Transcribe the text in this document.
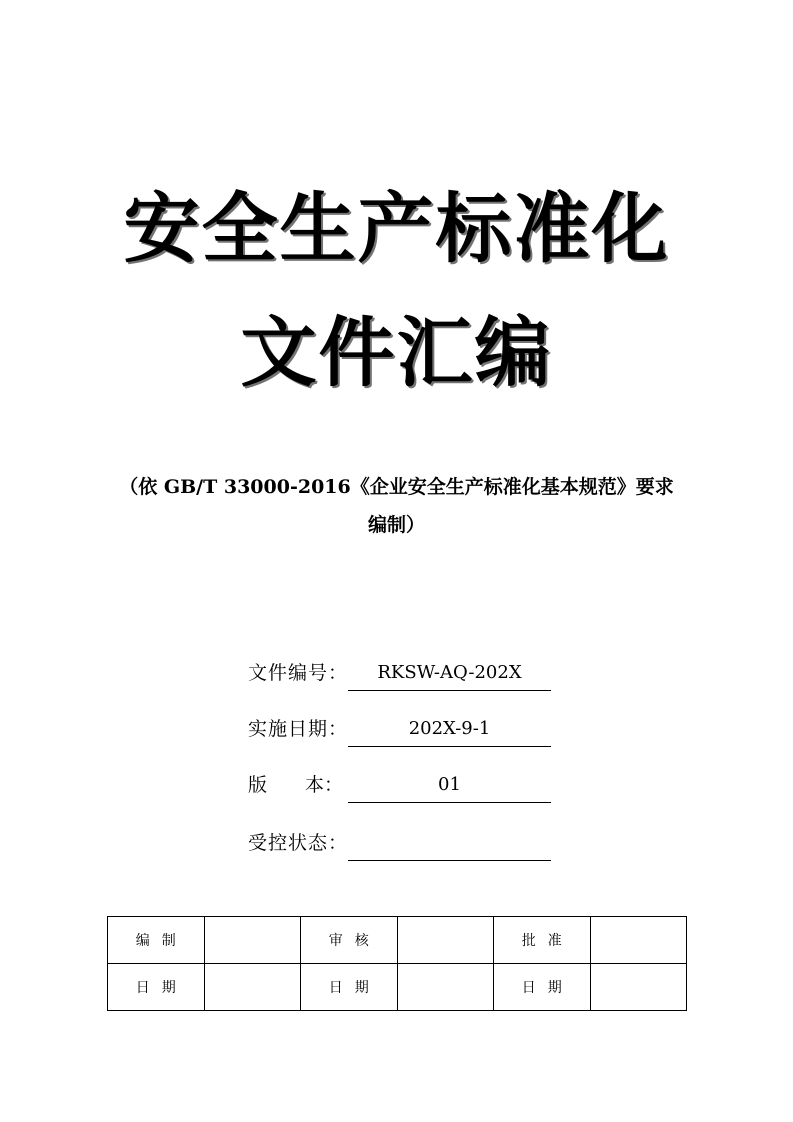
安全生产标准化
文件汇编
（依 GB/T 33000-2016《企业安全生产标准化基本规范》要求编制）
文件编号：	RKSW-AQ-202X
实施日期：	202X-9-1
版　　本：	01
受控状态：
编制		审核		批准	
日期		日期		日期	
